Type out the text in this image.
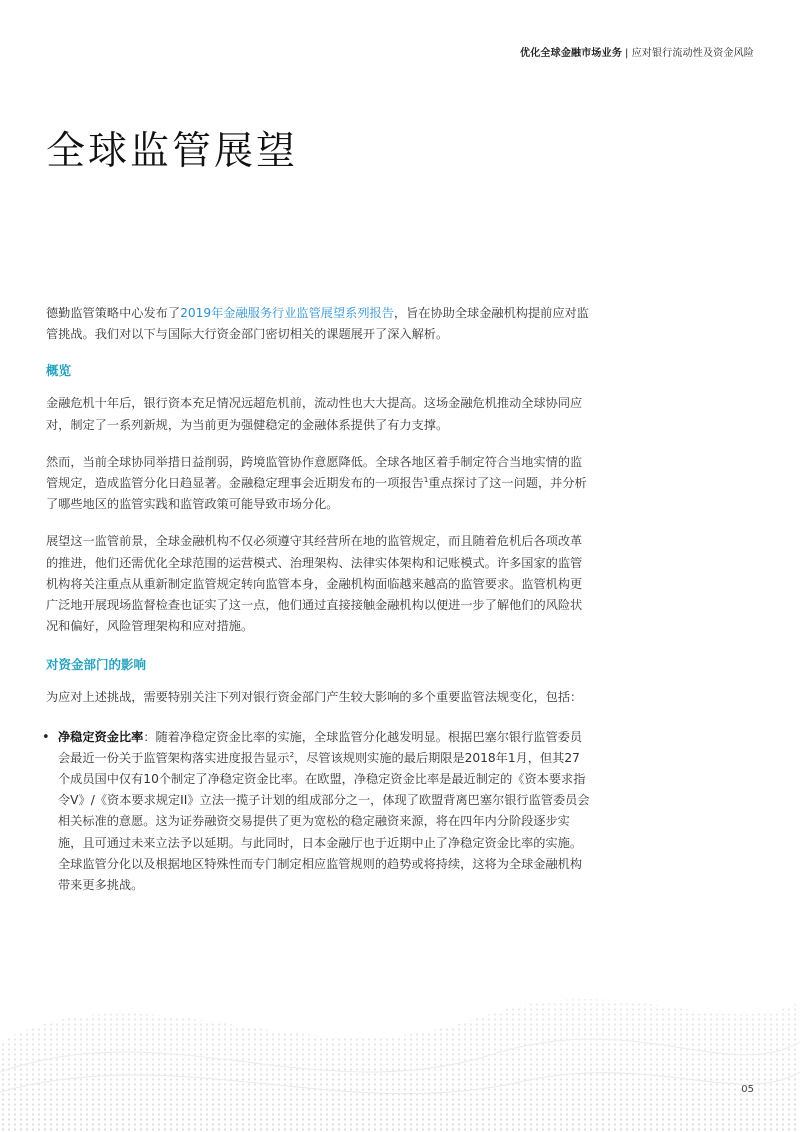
优化全球金融市场业务 | 应对银行流动性及资金风险
全球监管展望

德勤监管策略中心发布了2019年金融服务行业监管展望系列报告，旨在协助全球金融机构提前应对监管挑战。我们对以下与国际大行资金部门密切相关的课题展开了深入解析。

概览

金融危机十年后，银行资本充足情况远超危机前，流动性也大大提高。这场金融危机推动全球协同应对，制定了一系列新规，为当前更为强健稳定的金融体系提供了有力支撑。

然而，当前全球协同举措日益削弱，跨境监管协作意愿降低。全球各地区着手制定符合当地实情的监管规定，造成监管分化日趋显著。金融稳定理事会近期发布的一项报告$^1$重点探讨了这一问题，并分析了哪些地区的监管实践和监管政策可能导致市场分化。

展望这一监管前景，全球金融机构不仅必须遵守其经营所在地的监管规定，而且随着危机后各项改革的推进，他们还需优化全球范围的运营模式、治理架构、法律实体架构和记账模式。许多国家的监管机构将关注重点从重新制定监管规定转向监管本身，金融机构面临越来越高的监管要求。监管机构更广泛地开展现场监督检查也证实了这一点，他们通过直接接触金融机构以便进一步了解他们的风险状况和偏好，风险管理架构和应对措施。

对资金部门的影响

为应对上述挑战，需要特别关注下列对银行资金部门产生较大影响的多个重要监管法规变化，包括：

• 净稳定资金比率：随着净稳定资金比率的实施，全球监管分化越发明显。根据巴塞尔银行监管委员会最近一份关于监管架构落实进度报告显示$^2$，尽管该规则实施的最后期限是2018年1月，但其27个成员国中仅有10个制定了净稳定资金比率。在欧盟，净稳定资金比率是最近制定的《资本要求指令V》/《资本要求规定II》立法一揽子计划的组成部分之一，体现了欧盟背离巴塞尔银行监管委员会相关标准的意愿。这为证券融资交易提供了更为宽松的稳定融资来源，将在四年内分阶段逐步实施，且可通过未来立法予以延期。与此同时，日本金融厅也于近期中止了净稳定资金比率的实施。全球监管分化以及根据地区特殊性而专门制定相应监管规则的趋势或将持续，这将为全球金融机构带来更多挑战。

05
